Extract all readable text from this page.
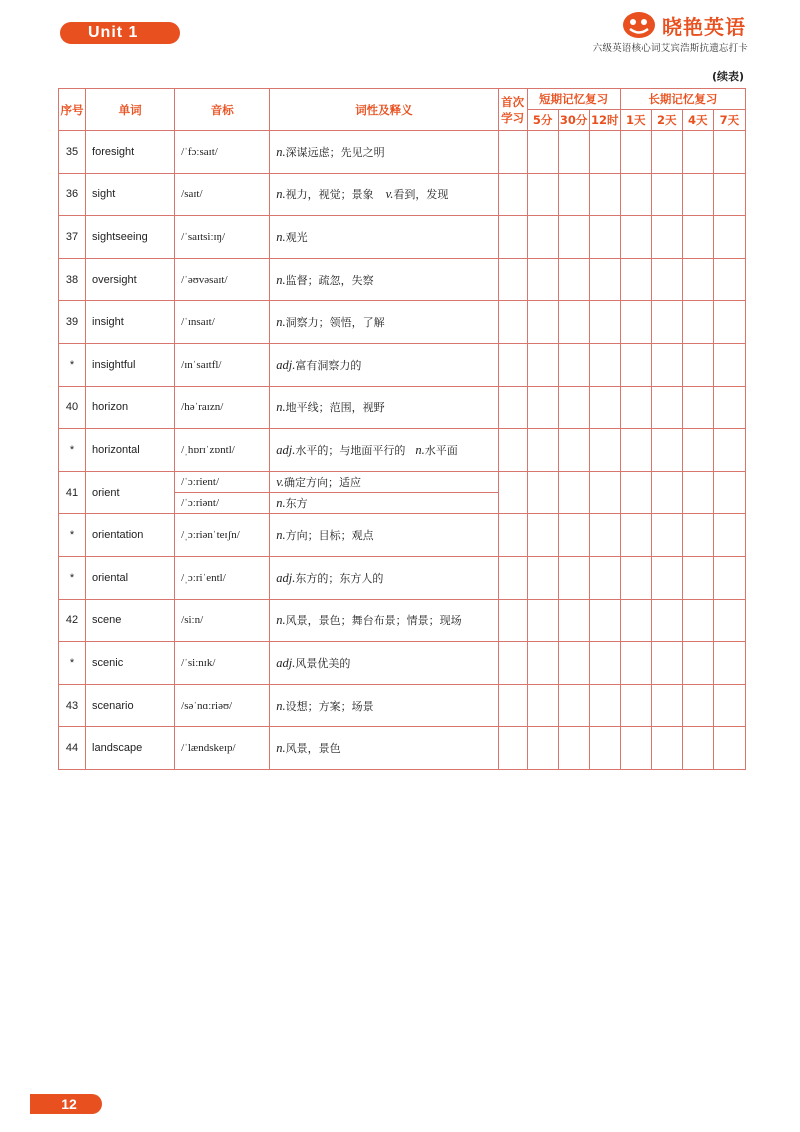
Unit 1	晓艳英语
六级英语核心词艾宾浩斯抗遗忘打卡
(续表)
序号	单词	音标	词性及释义	首次学习	短期记忆复习			长期记忆复习			
					5分	30分	12时	1天	2天	4天	7天
35	foresight	/ˈfɔːsaɪt/	n.深谋远虑；先见之明								
36	sight	/saɪt/	n.视力，视觉；景象 v.看到，发现								
37	sightseeing	/ˈsaɪtsiːɪŋ/	n.观光								
38	oversight	/ˈəʊvəsaɪt/	n.监督；疏忽，失察								
39	insight	/ˈɪnsaɪt/	n.洞察力；领悟，了解								
*	insightful	/ɪnˈsaɪtfl/	adj.富有洞察力的								
40	horizon	/həˈraɪzn/	n.地平线；范围，视野								
*	horizontal	/ˌhɒrɪˈzɒntl/	adj.水平的；与地面平行的 n.水平面								
41	orient	/ˈɔːrient/	v.确定方向；适应								
		/ˈɔːriənt/	n.东方								
*	orientation	/ˌɔːriənˈteɪʃn/	n.方向；目标；观点								
*	oriental	/ˌɔːriˈentl/	adj.东方的；东方人的								
42	scene	/siːn/	n.风景，景色；舞台布景；情景；现场								
*	scenic	/ˈsiːnɪk/	adj.风景优美的								
43	scenario	/səˈnɑːriəʊ/	n.设想；方案；场景								
44	landscape	/ˈlændskeɪp/	n.风景，景色								
12
